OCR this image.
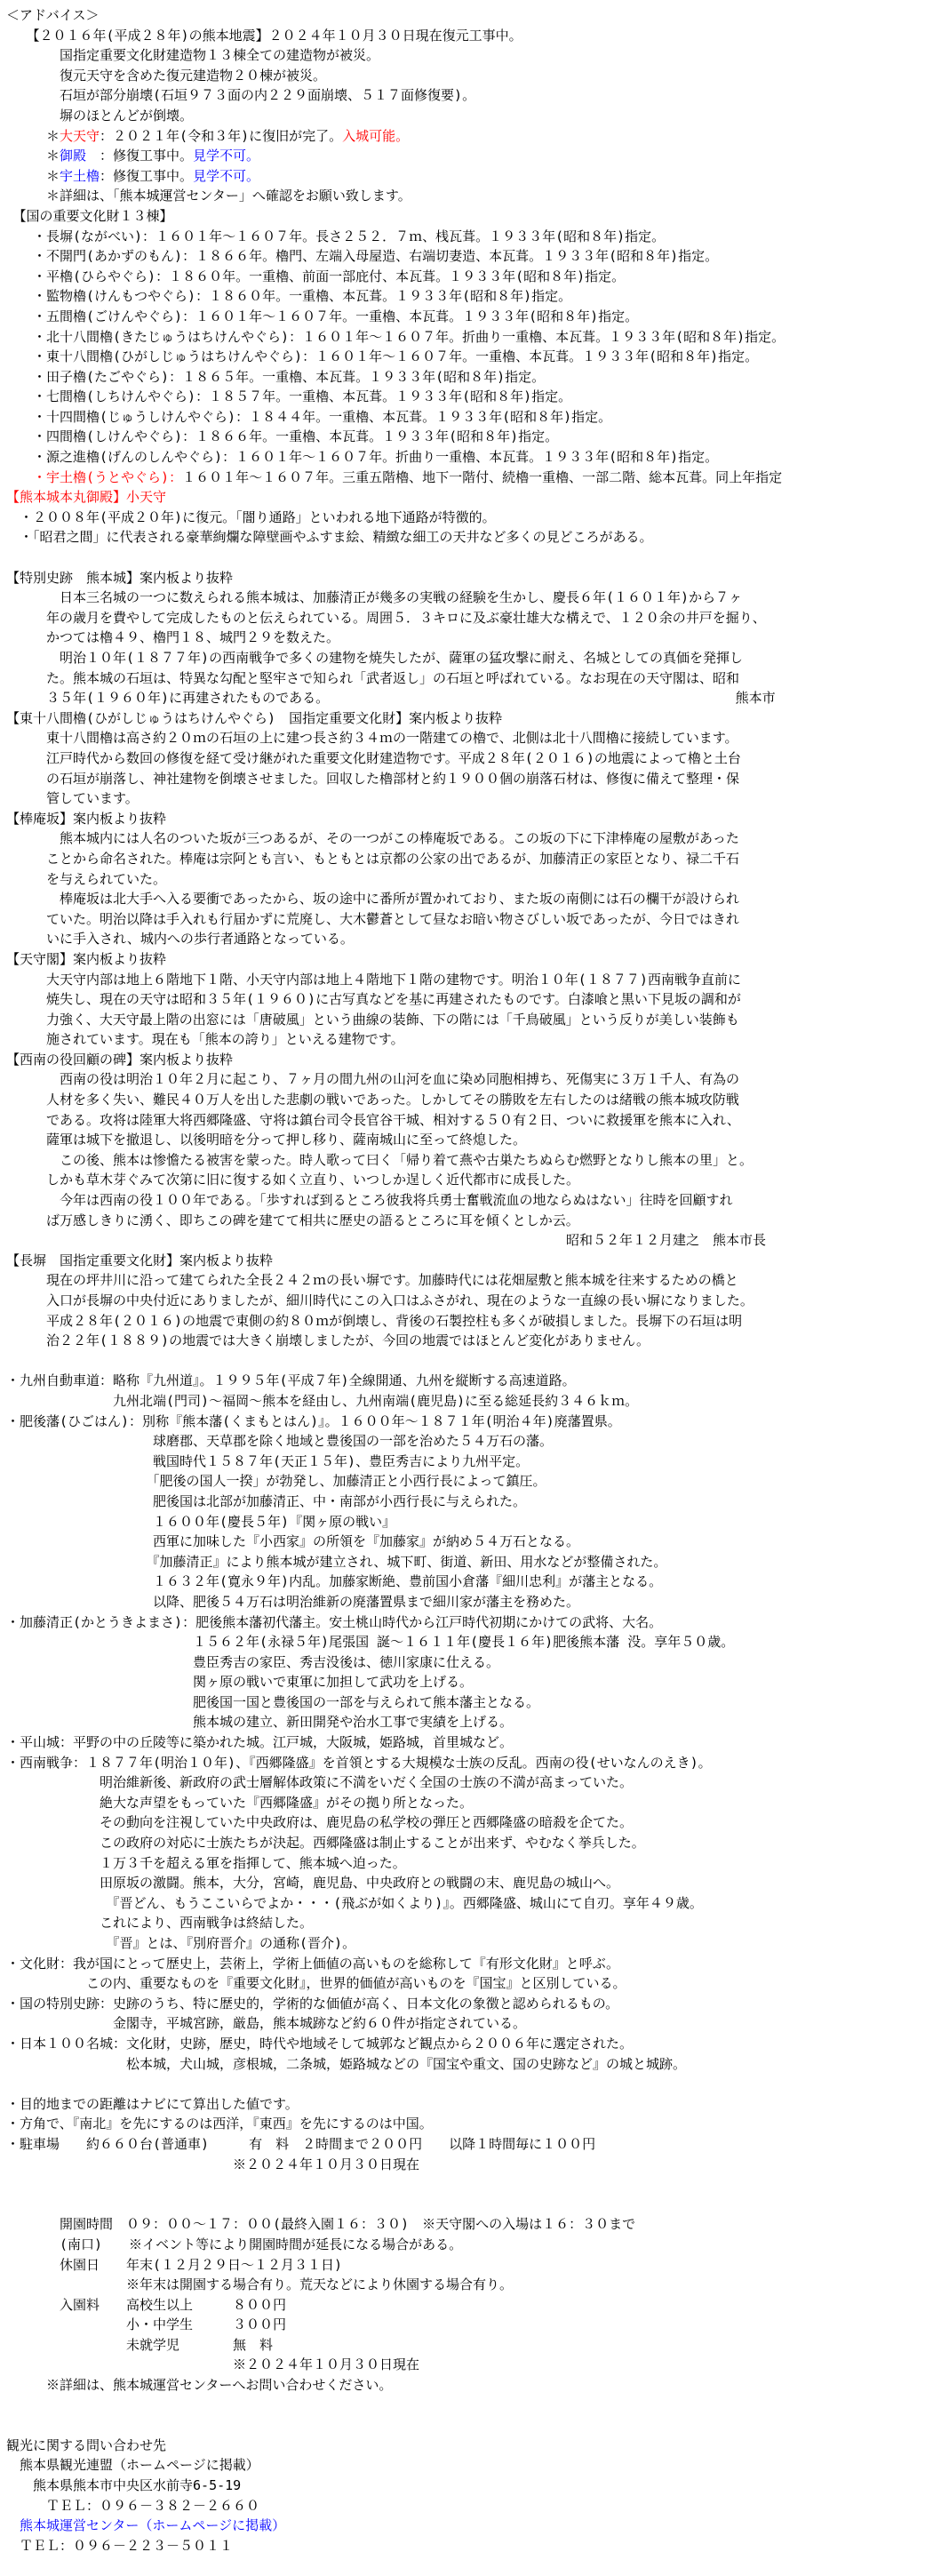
＜アドバイス＞
　　【２０１６年(平成２８年)の熊本地震】２０２４年１０月３０日現在復元工事中。
　　　　国指定重要文化財建造物１３棟全ての建造物が被災。
　　　　復元天守を含めた復元建造物２０棟が被災。
　　　　石垣が部分崩壊(石垣９７３面の内２２９面崩壊、５１７面修復要)。
　　　　塀のほとんどが倒壊。
　　　＊大天守：２０２１年(令和３年)に復旧が完了。入城可能。
　　　＊御殿　：修復工事中。見学不可。
　　　＊宇土櫓：修復工事中。見学不可。
　　　＊詳細は、「熊本城運営センター」へ確認をお願い致します。
　【国の重要文化財１３棟】
　　・長塀(ながべい)：１６０１年～１６０７年。長さ２５２．７ｍ、桟瓦葺。１９３３年(昭和８年)指定。
　　・不開門(あかずのもん)：１８６６年。櫓門、左端入母屋造、右端切妻造、本瓦葺。１９３３年(昭和８年)指定。
　　・平櫓(ひらやぐら)：１８６０年。一重櫓、前面一部庇付、本瓦葺。１９３３年(昭和８年)指定。
　　・監物櫓(けんもつやぐら)：１８６０年。一重櫓、本瓦葺。１９３３年(昭和８年)指定。
　　・五間櫓(ごけんやぐら)：１６０１年～１６０７年。一重櫓、本瓦葺。１９３３年(昭和８年)指定。
　　・北十八間櫓(きたじゅうはちけんやぐら)：１６０１年～１６０７年。折曲り一重櫓、本瓦葺。１９３３年(昭和８年)指定。
　　・東十八間櫓(ひがしじゅうはちけんやぐら)：１６０１年～１６０７年。一重櫓、本瓦葺。１９３３年(昭和８年)指定。
　　・田子櫓(たごやぐら)：１８６５年。一重櫓、本瓦葺。１９３３年(昭和８年)指定。
　　・七間櫓(しちけんやぐら)：１８５７年。一重櫓、本瓦葺。１９３３年(昭和８年)指定。
　　・十四間櫓(じゅうしけんやぐら)：１８４４年。一重櫓、本瓦葺。１９３３年(昭和８年)指定。
　　・四間櫓(しけんやぐら)：１８６６年。一重櫓、本瓦葺。１９３３年(昭和８年)指定。
　　・源之進櫓(げんのしんやぐら)：１６０１年～１６０７年。折曲り一重櫓、本瓦葺。１９３３年(昭和８年)指定。
　　・宇土櫓(うとやぐら)：１６０１年～１６０７年。三重五階櫓、地下一階付、続櫓一重櫓、一部二階、総本瓦葺。同上年指定
【熊本城本丸御殿】小天守
　・２００８年(平成２０年)に復元。「闇り通路」といわれる地下通路が特徴的。
　・「昭君之間」に代表される豪華絢爛な障壁画やふすま絵、精緻な細工の天井など多くの見どころがある。

【特別史跡　熊本城】案内板より抜粋
　　　　日本三名城の一つに数えられる熊本城は、加藤清正が幾多の実戦の経験を生かし、慶長６年(１６０１年)から７ヶ
　　　年の歳月を費やして完成したものと伝えられている。周囲５．３キロに及ぶ豪壮雄大な構えで、１２０余の井戸を掘り、
　　　かつては櫓４９、櫓門１８、城門２９を数えた。
　　　　明治１０年(１８７７年)の西南戦争で多くの建物を焼失したが、薩軍の猛攻撃に耐え、名城としての真価を発揮し
　　　た。熊本城の石垣は、特異な勾配と堅牢さで知られ「武者返し」の石垣と呼ばれている。なお現在の天守閣は、昭和
　　　３５年(１９６０年)に再建されたものである。　　　　　　　　　　　　　　　　　　　　　　　　　　　　　　　熊本市
【東十八間櫓(ひがしじゅうはちけんやぐら)　国指定重要文化財】案内板より抜粋
　　　東十八間櫓は高さ約２０ｍの石垣の上に建つ長さ約３４ｍの一階建ての櫓で、北側は北十八間櫓に接続しています。
　　　江戸時代から数回の修復を経て受け継がれた重要文化財建造物です。平成２８年(２０１６)の地震によって櫓と土台
　　　の石垣が崩落し、神社建物を倒壊させました。回収した櫓部材と約１９００個の崩落石材は、修復に備えて整理・保
　　　管しています。
【棒庵坂】案内板より抜粋
　　　　熊本城内には人名のついた坂が三つあるが、その一つがこの棒庵坂である。この坂の下に下津棒庵の屋敷があった
　　　ことから命名された。棒庵は宗阿とも言い、もともとは京都の公家の出であるが、加藤清正の家臣となり、禄二千石
　　　を与えられていた。
　　　　棒庵坂は北大手へ入る要衝であったから、坂の途中に番所が置かれており、また坂の南側には石の欄干が設けられ
　　　ていた。明治以降は手入れも行届かずに荒廃し、大木鬱蒼として昼なお暗い物さびしい坂であったが、今日ではきれ
　　　いに手入され、城内への歩行者通路となっている。
【天守閣】案内板より抜粋
　　　大天守内部は地上６階地下１階、小天守内部は地上４階地下１階の建物です。明治１０年(１８７７)西南戦争直前に
　　　焼失し、現在の天守は昭和３５年(１９６０)に古写真などを基に再建されたものです。白漆喰と黒い下見坂の調和が
　　　力強く、大天守最上階の出窓には「唐破風」という曲線の装飾、下の階には「千鳥破風」という反りが美しい装飾も
　　　施されています。現在も「熊本の誇り」といえる建物です。
【西南の役回顧の碑】案内板より抜粋
　　　　西南の役は明治１０年２月に起こり、７ヶ月の間九州の山河を血に染め同胞相搏ち、死傷実に３万１千人、有為の
　　　人材を多く失い、難民４０万人を出した悲劇の戦いであった。しかしてその勝敗を左右したのは緒戦の熊本城攻防戦
　　　である。攻将は陸軍大将西郷隆盛、守将は鎮台司令長官谷干城、相対する５０有２日、ついに救援軍を熊本に入れ、
　　　薩軍は城下を撤退し、以後明暗を分って押し移り、薩南城山に至って終熄した。
　　　　この後、熊本は惨憺たる被害を蒙った。時人歌って曰く「帰り着て燕や古巣たちぬらむ燃野となりし熊本の里」と。
　　　しかも草木芽ぐみて次第に旧に復する如く立直り、いつしか逞しく近代都市に成長した。
　　　　今年は西南の役１００年である。「歩すれば到るところ彼我将兵勇士奮戦流血の地ならぬはない」往時を回顧すれ
　　　ば万感しきりに湧く、即ちこの碑を建てて相共に歴史の語るところに耳を傾くとしか云。
　　　　　　　　　　　　　　　　　　　　　　　　　　　　　　　　　　　　　　　　　　昭和５２年１２月建之　熊本市長
【長塀　国指定重要文化財】案内板より抜粋
　　　現在の坪井川に沿って建てられた全長２４２ｍの長い塀です。加藤時代には花畑屋敷と熊本城を往来するための橋と
　　　入口が長塀の中央付近にありましたが、細川時代にこの入口はふさがれ、現在のような一直線の長い塀になりました。
　　　平成２８年(２０１６)の地震で東側の約８０ｍが倒壊し、背後の石製控柱も多くが破損しました。長塀下の石垣は明
　　　治２２年(１８８９)の地震では大きく崩壊しましたが、今回の地震ではほとんど変化がありません。

・九州自動車道：略称『九州道』。１９９５年(平成７年)全線開通、九州を縦断する高速道路。
　　　　　　　　九州北端(門司)～福岡～熊本を経由し、九州南端(鹿児島)に至る総延長約３４６ｋｍ。
・肥後藩(ひごはん)：別称『熊本藩(くまもとはん)』。１６００年～１８７１年(明治４年)廃藩置県。
　　　　　　　　　　　球磨郡、天草郡を除く地域と豊後国の一部を治めた５４万石の藩。
　　　　　　　　　　　戦国時代１５８７年(天正１５年)、豊臣秀吉により九州平定。
　　　　　　　　　　　「肥後の国人一揆」が勃発し、加藤清正と小西行長によって鎮圧。
　　　　　　　　　　　肥後国は北部が加藤清正、中・南部が小西行長に与えられた。
　　　　　　　　　　　１６００年(慶長５年)『関ヶ原の戦い』
　　　　　　　　　　　西軍に加味した『小西家』の所領を『加藤家』が納め５４万石となる。
　　　　　　　　　　　『加藤清正』により熊本城が建立され、城下町、街道、新田、用水などが整備された。
　　　　　　　　　　　１６３２年(寛永９年)内乱。加藤家断絶、豊前国小倉藩『細川忠利』が藩主となる。
　　　　　　　　　　　以降、肥後５４万石は明治維新の廃藩置県まで細川家が藩主を務めた。
・加藤清正(かとうきよまさ)：肥後熊本藩初代藩主。安土桃山時代から江戸時代初期にかけての武将、大名。
　　　　　　　　　　　　　　１５６２年(永禄５年)尾張国 誕～１６１１年(慶長１６年)肥後熊本藩 没。享年５０歳。
　　　　　　　　　　　　　　豊臣秀吉の家臣、秀吉没後は、徳川家康に仕える。
　　　　　　　　　　　　　　関ヶ原の戦いで東軍に加担して武功を上げる。
　　　　　　　　　　　　　　肥後国一国と豊後国の一部を与えられて熊本藩主となる。
　　　　　　　　　　　　　　熊本城の建立、新田開発や治水工事で実績を上げる。
・平山城：平野の中の丘陵等に築かれた城。江戸城，大阪城，姫路城，首里城など。
・西南戦争：１８７７年(明治１０年)、『西郷隆盛』を首領とする大規模な士族の反乱。西南の役(せいなんのえき)。
　　　　　　　明治維新後、新政府の武士層解体政策に不満をいだく全国の士族の不満が高まっていた。
　　　　　　　絶大な声望をもっていた『西郷隆盛』がその拠り所となった。
　　　　　　　その動向を注視していた中央政府は、鹿児島の私学校の弾圧と西郷隆盛の暗殺を企てた。
　　　　　　　この政府の対応に士族たちが決起。西郷隆盛は制止することが出来ず、やむなく挙兵した。
　　　　　　　１万３千を超える軍を指揮して、熊本城へ迫った。
　　　　　　　田原坂の激闘。熊本，大分，宮崎，鹿児島、中央政府との戦闘の末、鹿児島の城山へ。
　　　　　　　　『晋どん、もうここいらでよか・・・(飛ぶが如くより)』。西郷隆盛、城山にて自刃。享年４９歳。
　　　　　　　これにより、西南戦争は終結した。
　　　　　　　　『晋』とは、『別府晋介』の通称(晋介)。
・文化財：我が国にとって歴史上，芸術上，学術上価値の高いものを総称して『有形文化財』と呼ぶ。
　　　　　　この内、重要なものを『重要文化財』，世界的価値が高いものを『国宝』と区別している。
・国の特別史跡：史跡のうち、特に歴史的，学術的な価値が高く、日本文化の象徴と認められるもの。
　　　　　　　　金閣寺，平城宮跡，厳島，熊本城跡など約６０件が指定されている。
・日本１００名城：文化財，史跡，歴史，時代や地域そして城郭など観点から２００６年に選定された。
　　　　　　　　　松本城，犬山城，彦根城，二条城，姫路城などの『国宝や重文、国の史跡など』の城と城跡。

・目的地までの距離はナビにて算出した値です。
・方角で、『南北』を先にするのは西洋，『東西』を先にするのは中国。
・駐車場　　約６６０台(普通車)　　　有　料　２時間まで２００円　　以降１時間毎に１００円
　　　　　　　　　　　　　　　　　※２０２４年１０月３０日現在

　　　　開園時間　０９：００～１７：００(最終入園１６：３０)　※天守閣への入場は１６：３０まで
　　　　(南口)　　※イベント等により開園時間が延長になる場合がある。
　　　　休園日　　年末(１２月２９日～１２月３１日)
　　　　　　　　　※年末は開園する場合有り。荒天などにより休園する場合有り。
　　　　入園料　　高校生以上　　　８００円
　　　　　　　　　小・中学生　　　３００円
　　　　　　　　　未就学児　　　　無　料
　　　　　　　　　　　　　　　　　※２０２４年１０月３０日現在
　　　※詳細は、熊本城運営センターへお問い合わせください。

観光に関する問い合わせ先
　熊本県観光連盟（ホームページに掲載）
　　熊本県熊本市中央区水前寺6-5-19
　　　ＴＥＬ：０９６－３８２－２６６０
　熊本城運営センター（ホームページに掲載）
　ＴＥＬ：０９６－２２３－５０１１
